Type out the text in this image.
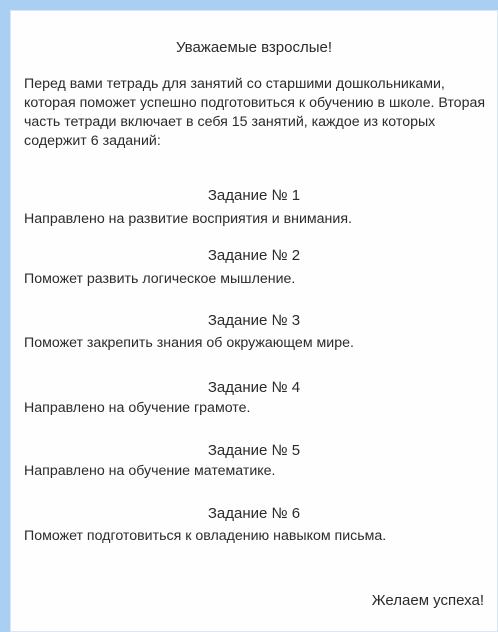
Уважаемые взрослые!
Перед вами тетрадь для занятий со старшими дошкольниками, которая поможет успешно подготовиться к обучению в школе. Вторая часть тетради включает в себя 15 занятий, каждое из которых содержит 6 заданий:
Задание № 1
Направлено на развитие восприятия и внимания.
Задание № 2
Поможет развить логическое мышление.
Задание № 3
Поможет закрепить знания об окружающем мире.
Задание № 4
Направлено на обучение грамоте.
Задание № 5
Направлено на обучение математике.
Задание № 6
Поможет подготовиться к овладению навыком письма.
Желаем успеха!
